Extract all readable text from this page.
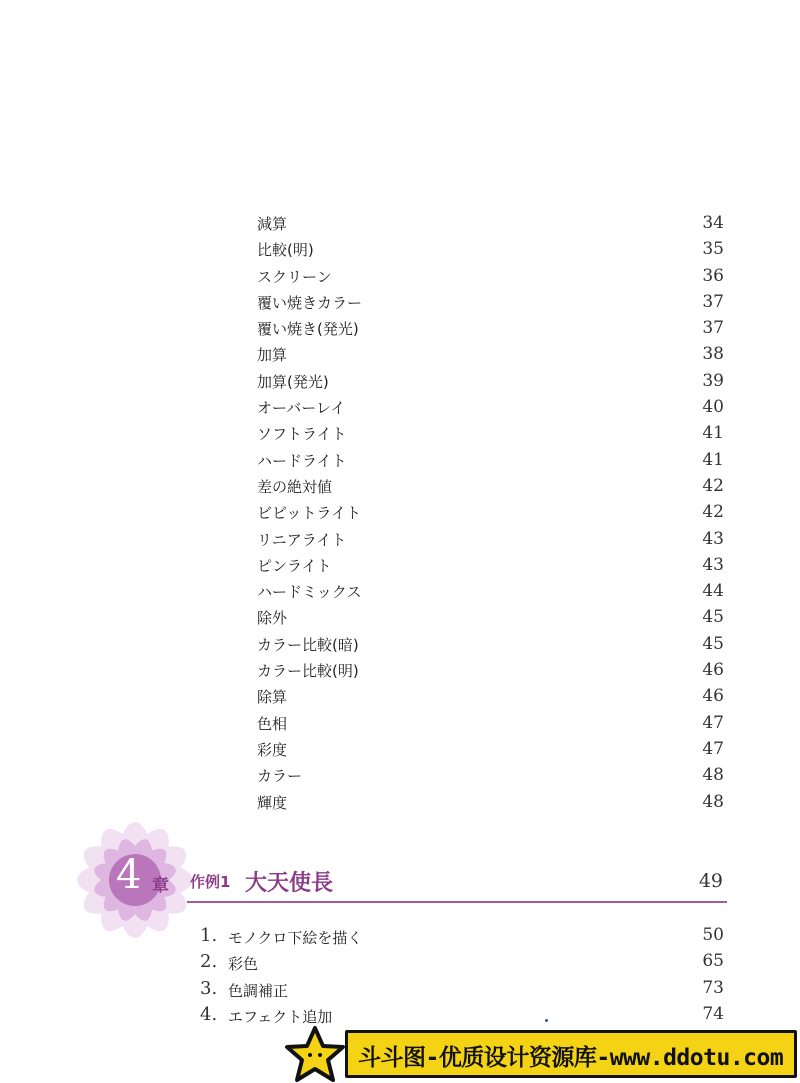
減算	34
比較(明)	35
スクリーン	36
覆い焼きカラー	37
覆い焼き(発光)	37
加算	38
加算(発光)	39
オーバーレイ	40
ソフトライト	41
ハードライト	41
差の絶対値	42
ビビットライト	42
リニアライト	43
ピンライト	43
ハードミックス	44
除外	45
カラー比較(暗)	45
カラー比較(明)	46
除算	46
色相	47
彩度	47
カラー	48
輝度	48
4 章 作例1 大天使長	49
1. モノクロ下絵を描く	50
2. 彩色	65
3. 色調補正	73
4. エフェクト追加	74
斗斗图-优质设计资源库-www.ddotu.com
